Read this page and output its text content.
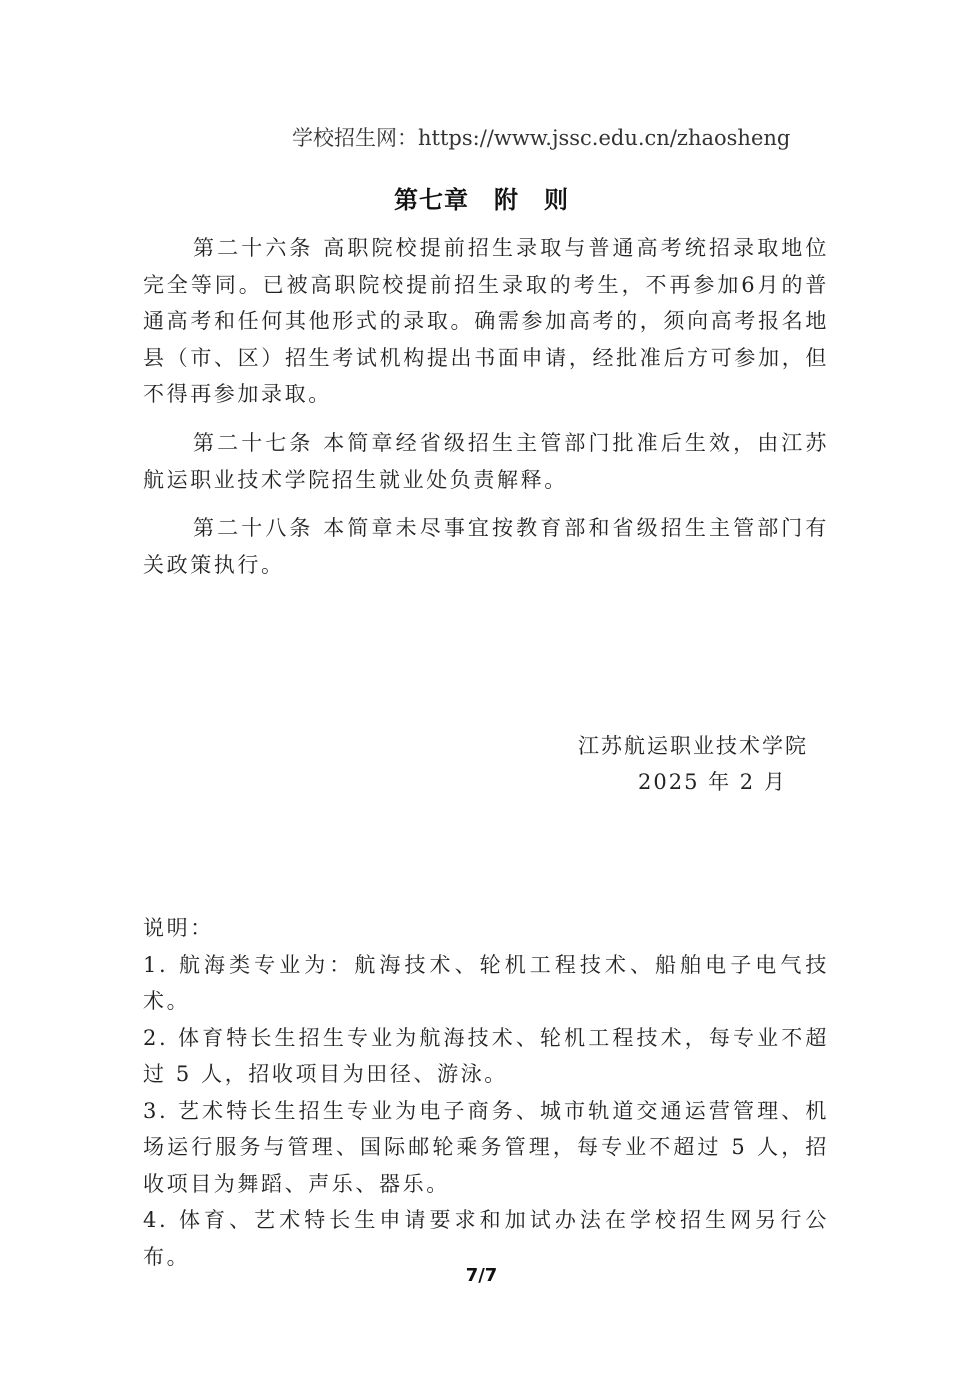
学校招生网：https://www.jssc.edu.cn/zhaosheng
第七章　附　则
第二十六条 高职院校提前招生录取与普通高考统招录取地位完全等同。已被高职院校提前招生录取的考生，不再参加6月的普通高考和任何其他形式的录取。确需参加高考的，须向高考报名地县（市、区）招生考试机构提出书面申请，经批准后方可参加，但不得再参加录取。
第二十七条 本简章经省级招生主管部门批准后生效，由江苏航运职业技术学院招生就业处负责解释。
第二十八条 本简章未尽事宜按教育部和省级招生主管部门有关政策执行。
江苏航运职业技术学院
2025 年 2 月
说明：
1. 航海类专业为：航海技术、轮机工程技术、船舶电子电气技术。
2. 体育特长生招生专业为航海技术、轮机工程技术，每专业不超过 5 人，招收项目为田径、游泳。
3. 艺术特长生招生专业为电子商务、城市轨道交通运营管理、机场运行服务与管理、国际邮轮乘务管理，每专业不超过 5 人，招收项目为舞蹈、声乐、器乐。
4. 体育、艺术特长生申请要求和加试办法在学校招生网另行公布。
7/7
